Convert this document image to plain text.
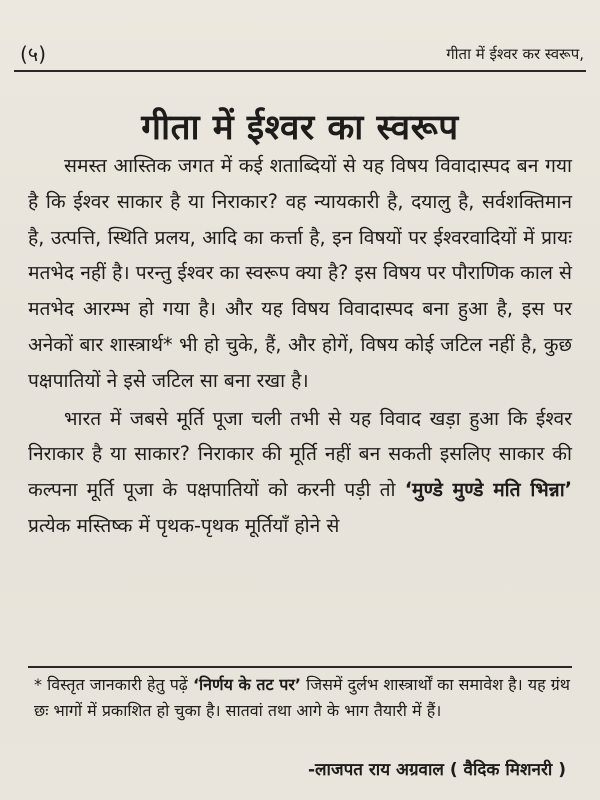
(५)	गीता में ईश्वर कर स्वरूप,
गीता में ईश्वर का स्वरूप

समस्त आस्तिक जगत में कई शताब्दियों से यह विषय विवादास्पद बन गया है कि ईश्वर साकार है या निराकार? वह न्यायकारी है, दयालु है, सर्वशक्तिमान है, उत्पत्ति, स्थिति प्रलय, आदि का कर्त्ता है, इन विषयों पर ईश्वरवादियों में प्रायः मतभेद नहीं है। परन्तु ईश्वर का स्वरूप क्या है? इस विषय पर पौराणिक काल से मतभेद आरम्भ हो गया है। और यह विषय विवादास्पद बना हुआ है, इस पर अनेकों बार शास्त्रार्थ* भी हो चुके, हैं, और होगें, विषय कोई जटिल नहीं है, कुछ पक्षपातियों ने इसे जटिल सा बना रखा है।

भारत में जबसे मूर्ति पूजा चली तभी से यह विवाद खड़ा हुआ कि ईश्वर निराकार है या साकार? निराकार की मूर्ति नहीं बन सकती इसलिए साकार की कल्पना मूर्ति पूजा के पक्षपातियों को करनी पड़ी तो ‘मुण्डे मुण्डे मति भिन्ना’ प्रत्येक मस्तिष्क में पृथक-पृथक मूर्तियाँ होने से

* विस्तृत जानकारी हेतु पढ़ें ‘निर्णय के तट पर’ जिसमें दुर्लभ शास्त्रार्थों का समावेश है। यह ग्रंथ छः भागों में प्रकाशित हो चुका है। सातवां तथा आगे के भाग तैयारी में हैं।

-लाजपत राय अग्रवाल ( वैदिक मिशनरी )
